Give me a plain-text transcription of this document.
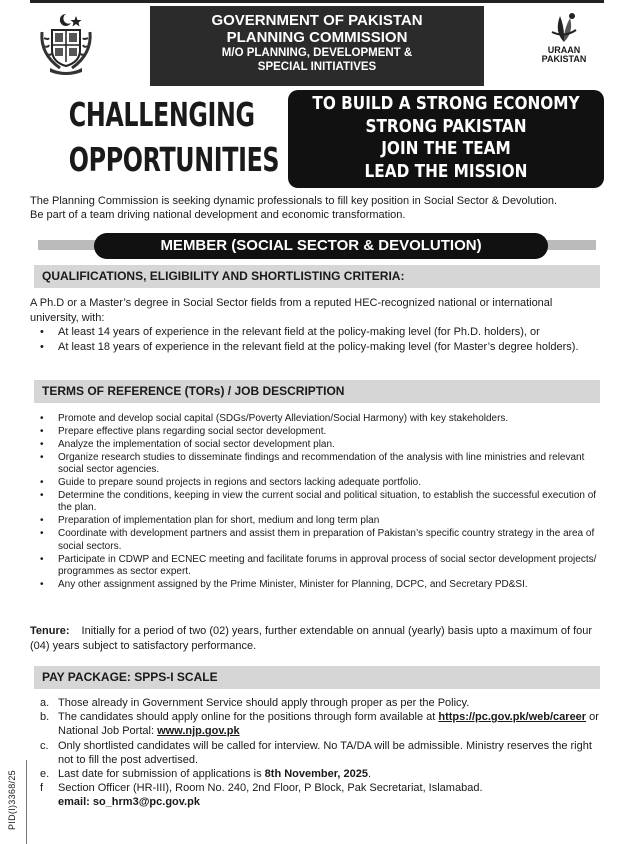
GOVERNMENT OF PAKISTAN
PLANNING COMMISSION
M/O PLANNING, DEVELOPMENT &
SPECIAL INITIATIVES
URAAN
PAKISTAN
CHALLENGING
OPPORTUNITIES
TO BUILD A STRONG ECONOMY
STRONG PAKISTAN
JOIN THE TEAM
LEAD THE MISSION

The Planning Commission is seeking dynamic professionals to fill key position in Social Sector & Devolution.

Be part of a team driving national development and economic transformation.

MEMBER (SOCIAL SECTOR & DEVOLUTION)
QUALIFICATIONS, ELIGIBILITY AND SHORTLISTING CRITERIA:

A Ph.D or a Master’s degree in Social Sector fields from a reputed HEC-recognized national or international university, with:

• At least 14 years of experience in the relevant field at the policy-making level (for Ph.D. holders), or
• At least 18 years of experience in the relevant field at the policy-making level (for Master’s degree holders).
TERMS OF REFERENCE (TORs) / JOB DESCRIPTION
• Promote and develop social capital (SDGs/Poverty Alleviation/Social Harmony) with key stakeholders.
• Prepare effective plans regarding social sector development.
• Analyze the implementation of social sector development plan.
• Organize research studies to disseminate findings and recommendation of the analysis with line ministries and relevant social sector agencies.
• Guide to prepare sound projects in regions and sectors lacking adequate portfolio.
• Determine the conditions, keeping in view the current social and political situation, to establish the successful execution of the plan.
• Preparation of implementation plan for short, medium and long term plan
• Coordinate with development partners and assist them in preparation of Pakistan’s specific country strategy in the area of social sectors.
• Participate in CDWP and ECNEC meeting and facilitate forums in approval process of social sector development projects/ programmes as sector expert.
• Any other assignment assigned by the Prime Minister, Minister for Planning, DCPC, and Secretary PD&SI.
Tenure: Initially for a period of two (02) years, further extendable on annual (yearly) basis upto a maximum of four (04) years subject to satisfactory performance.
PAY PACKAGE: SPPS-I SCALE
a. Those already in Government Service should apply through proper as per the Policy.
b. The candidates should apply online for the positions through form available at https://pc.gov.pk/web/career or National Job Portal: www.njp.gov.pk
c. Only shortlisted candidates will be called for interview. No TA/DA will be admissible. Ministry reserves the right not to fill the post advertised.
e. Last date for submission of applications is 8th November, 2025.
f Section Officer (HR-III), Room No. 240, 2nd Floor, P Block, Pak Secretariat, Islamabad.
email: so_hrm3@pc.gov.pk
PID(I)3368/25
